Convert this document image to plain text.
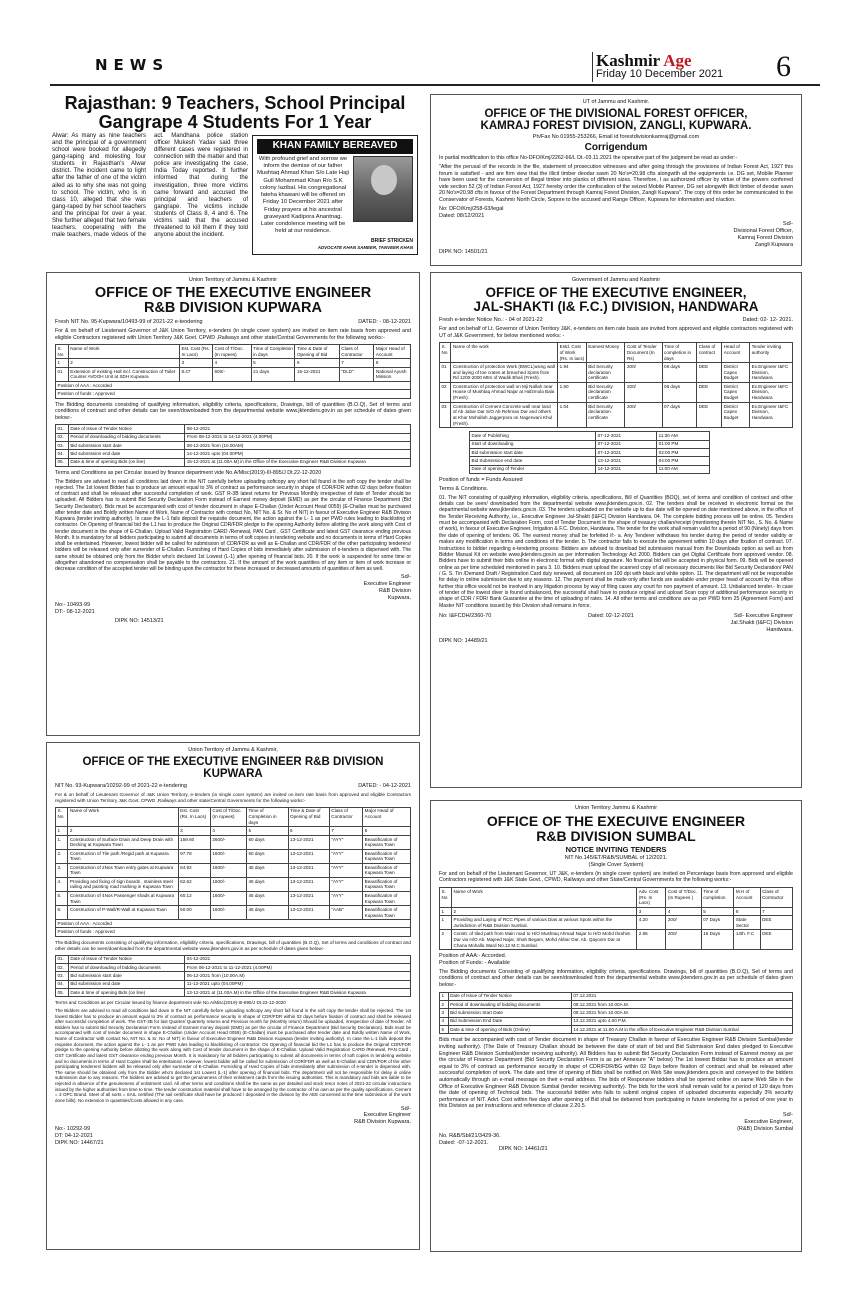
NEWS	Kashmir Age
Friday 10 December 2021 6
Rajasthan: 9 Teachers, School Principal Gangrape 4 Students For 1 Year
Alwar: As many as nine teachers and the principal of a government school were booked for allegedly gang-raping and molesting four students in Rajasthan's Alwar district. The incident came to light after the father of one of the victim ailed as to why she was not going to school. The victim, who is in class 10, alleged that she was gang-raped by her school teachers and the principal for over a year. She further alleged that two female teachers, cooperating with the male teachers, made videos of the act. Mandhana police station officer Mukesh Yadav said three different cases were registered in connection with the matter and that police are investigating the case, India Today reported. It further informed that during the investigation, three more victims came forward and accused the principal and teachers of gangrape. The victims include students of Class 8, 4 and 6. The victims said that the accused threatened to kill them if they told anyone about the incident.
KHAN FAMILY BEREAVED
With profound grief and sorrow we inform the demise of our father Mushtaq Ahmad Khan S/o Late Haji Gull Mohammad Khan R/o S.K colony Iazibal. His congregational fateha khawani will be offered on Friday 10 December 2021 after Friday prayers at his ancestral graveyard Kadipora Anantnag. Later condolence meeting will be held at our residence.
BRIEF STRICKEN
ADVOCATE KHAN SAMEER, TANVEER KHAN
UT of Jammu and Kashmir.
OFFICE OF THE DIVISIONAL FOREST OFFICER,
KAMRAJ FOREST DIVISION, ZANGLI, KUPWARA.
Ph/Fax No 01955-253266, Email id forestdivisionkamraj@gmail.com
Corrigendum
In partial modification to this office No-DFO/Kmj/2262-66/L Dt.-03.11.2021 the operative part of the judgment be read as under:-
"After the perusal of the records in the file, statement of prosecution witnesses and after going through the provisions of Indian Forest Act, 1927 this forum is satisfied - and are firm view that the illicit timber deodar sawn 20 No's=20.98 cfts alongwith all the equipments i.e. DG set, Mobile Planner have been used for the conversion of illegal timber into planks of different sizes. Therefore, I as authorized officer by virtue of the powers conferred vide section 52 (3) of Indian Forest Act, 1927 hereby order the confiscation of the seized Mobile Planner, DG set alongwith illicit timber of deodar sawn 20 No's=20.98 cfts in favour of the Forest Department through Kamraj Forest Division, Zangli Kupwara". The copy of this order be communicated to the Conservator of Forests, Kashmir North Circle, Sopore to the accused and Range Officer, Kupwara for information and n/action.
No: DFO/Kmj/258-63/legal
Dated: 08/12/2021
Sd/-
Divisional Forest Officer,
Kamraj Forest Division
Zangli Kupwara
DIPK NO: 14501/21
Union Territory of Jammu & Kashmir
OFFICE OF THE EXECUTIVE ENGINEER
R&B DIVISION KUPWARA
Fresh NIT No. 95-Kupwara/10493-99 of 2021-22 e-tendering	DATED: - 08-12-2021
For & on behalf of Lieutenant Governor of J&K Union Territory, e-tenders (in single cover system) are invited on item rate basis from approved and eligible Contractors registered with Union Territory J&K Govt. CPWD ,Railways and other state/Central Governments for the following works:-
S. No	Name of Work	Est. Cost (Rs. In Lacs)	Cost of T/Doc. (In rupees)	Time of Completion in days	Time & Date of Opening of Bid	Class of Contractor	Major Head of Account
1	2	3	4	5	6	7	8
01	Extension of existing Hall incl. Construction of Toilet Counter AVDOH Unit at SDH Kupwara	8.47	600/-	21 days	15-12-2021	"DLD"	National Ayush Mission
Position of AAA : Accorded							
Position of funds : Approved							
The Bidding documents consisting of qualifying information, eligibility criteria, specifications, Drawings, bill of quantities (B.O.Q), Set of terms and conditions of contract and other details can be seen/downloaded from the departmental website www.jktenders.gov.in as per schedule of dates given below:-
01.	Date of issue of Tender Notice	08-12-2021
02.	Period of downloading of bidding documents	From 08-12-2021 to 14-12-2021 (4.00PM)
03.	Bid submission start date	08-12-2021 from (10.00AM)
04.	Bid submission end date	14-12-2021 upto (04.00PM)
05.	Date & time of opening Bids (on line)	15-12-2021 at (11.00A.M) in the Office of the Executive Engineer R&B Division Kupwara
Terms and Conditions as per Circular issued by finance department vide No.A/Misc(2019)-III-895/J Dt.22-12-2020
The Bidders are advised to read all conditions laid down in the NIT carefully before uploading softcopy any short fall found in the soft copy the tender shall be rejected. The 1st lowest Bidder has to produce an amount equal to 3% of contract as performance security in shape of CDR/FDR within 02 days before fixation of contract and shall be released after successful completion of work. GST R-3B latest returns for Previous Monthly irrespective of date of Tender should be uploaded. All Bidders has to submit Bid Security Declaration Form instead of Earnest money deposit (EMD) as per the circular of Finance Department (Bid Security Declaration). Bids must be accompanied with cost of tender document in shape E-Challan (Under Account Head 0059) (E-Challan must be purchased after tender date and Boldly written Name of Work, Name of Contractor with contact No, NIT No. & Sr. No of NIT) in favour of Executive Engineer R&B Division Kupwara (tender inviting authority). In case the L-1 fails deposit the requisite document, the action against the L- 1 as per PWD rules leading to blacklisting of contractor. On Opening of financial bid the L1 has to produce the Original CDR/FDR pledge to the opening Authority before allotting the work along with Cost of tender document in the shape of E-Challan. Upload Valid Registration CARD /Renewal, PAN Card , GST Certificate and latest GST clearance ending previous Month. It is mandatory for all bidders participating to submit all documents in terms of soft copies in tendering website and no documents in terms of Hard Copies shall be entertained. However, lowest bidder will be called for submission of CDR/FDR as well as E-Challan and CDR/FDR of the other participating tenderers/ bidders will be released only after surrender of E-Challan. Furnishing of Hard Copies of bids immediately after submission of e-tenders is dispensed with. The same should be obtained only from the Bidder who's declared 1st Lowest (L-1) after opening of financial bids. 20. If the work is suspended for some time or altogether abandoned no compensation shall be payable to the contractors. 21. If the amount of the work quantities of any item or item of work increase or decrease condition of the accepted tender will be binding upon the contractor for these increased or decreased amounts of quantities of item as well.
Sd/-
Executive Engineer
R&B Division
Kupwara.
No:- 10493-99
DT:- 08-12-2021
DIPK NO: 14513/21
Government of Jammu and Kashmir
OFFICE OF THE EXECUTIVE ENGINEER,
JAL-SHAKTI (I& F.C.) DIVISION, HANDWARA
Fresh e-tender Notice No.: - 04 of 2021-22	Dated: 02- 12- 2021.
For and on behalf of Lt. Governor of Union Territory J&K, e-tenders on item rate basis are invited from approved and eligible contractors registered with UT of J&K Government, for below mentioned works: -
S. No	Name of the work	Estd. Cost of Work (Rs. In lacs)	Earnest Money	Cost of Tender Document (In Rs)	Time of completion in days	Class of contract	Head of Account	Tender inviting authority
01	Construction of protection Work (BWCL)using wall and laying of toe crates at breached Spots from Rd 1200-2000 Mtrs of Wadik Bhali (Fresh).	1.94	Bid Security declaration certificate	200/	06 days	DEE	District Capex Budget	Ex.Engineer I&FC Division, Handwara
02	Construction of protection wall on Mji Nallah near House of Mushtaq Ahmad Najar at Hafzmula Bala (Fresh).	1.50	Bid Security declaration certificate	200/	06 days	DEE	District Capex Budget	Ex.Engineer I&FC Division, Handwara
03	Construction of Cement Concrete wall near land of Ab Jabar Dar S/O Ab Rehman Dar and others at Khar Mohallah Jaggerpora on Nagerwani Khul (Fresh).	1.04	Bid Security declaration certificate	200/	07 days	DEE	District Capex Budget	Ex.Engineer I&FC Division, Handwara
Date of Publishing	07-12-2021	11:30 AM
Start of downloading	07-12-2021	01:00 PM
Bid submission start date	07-12-2021	02:00 PM
Bid Submission end date	13-12-2021	04:00 PM
Date of opening of Tender	14-12-2021	11:00 AM
Position of funds = Funds Assured
Terms & Conditions.
01. The NIT consisting of qualifying information, eligibility criteria, specifications, Bill of Quantities (BOQ), set of terms and condition of contract and other details can be seen/ downloaded from the departmental website www.jktenders.gov.in. 02. The tenders shall be received in electronic format on the departmental website www.jktenders.gov.in. 03. The tenders uploaded on the website up to due date will be opened on date mentioned above, in the office of the Tender Receiving Authority, i.e., Executive Engineer Jal-Shakti (I&FC) Division Handwara. 04. The complete bidding process will be online. 05. Tenders must be accompanied with Declaration Form, cost of Tender Document in the shape of treasury challan/receipt (mentioning therein NIT No., S. No. & Name of work), in favour of Executive Engineer, Irrigation & F.C. Division, Handwara. The tender for the work shall remain valid for a period of 90 (Ninety) days from the date of opening of tenders. 06. The earnest money shall be forfeited if:- a. Any Tenderer withdraws his tender during the period of tender validity or makes any modification in terms and conditions of the tender. b. The contractor fails to execute the agreement within 10 days after fixation of contract. 07. Instructions to bidder regarding e-tendering process: Bidders are advised to download bid submission manual from the Downloads option as well as from Bidder Manual Kit on website www.jktenders.gov.in as per information Technology Act 2000. Bidders can get Digital Certificate from approved vendor. 08. Bidders have to submit their bids online in electronic format with digital signature. No financial bid will be accepted in physical form. 09. Bids will be opened online as per time scheduled mentioned in para 3. 10. Bidders must upload the scanned copy of all necessary documents like Bid Security Declaration/ PAN / G. S. Tin /Demand Draft / Registration Card duly renewed, all document on 100 dpi with black and white option. 11. The department will not be responsible for delay in online submission due to any reasons. 12. The payment shall be made only after funds are available under proper head of account by this office further this office would not be involved in any litigation process by way of filing cases any court for non payment of amount. 13. Unbalanced tender.- In case of tender of the lowest diver is found unbalanced, the successful shall have to produce original and upload Scan copy of additional performance security in shape of CDR / FDR/ Bank Guarantee at the time of uploading of rates. 14. All other terms and conditions are as per PWD form 25 (Agreement Form) and Master NIT conditions issued by this Division shall remains in force.
No: I&FCDH/2360-70	Dated: 02-12-2021	Sd/- Executive Engineer
Jal.Shakti (I&FC) Division
Handwara.
DIPK NO: 14489/21
Union Territory of Jammu & Kashmir,
OFFICE OF THE EXECUTIVE ENGINEER R&B DIVISION KUPWARA
NIT No. 93-Kupwara/10292-99 of 2021-22 e-tendering	DATED: - 04-12-2021
For & on behalf of Lieutenant Governor of J&K Union Territory, e-tenders (in single cover system) are invited on item rate basis from approved and eligible Contractors registered with Union Territory J&K Govt. CPWD ,Railways and other state/Central Governments for the following works:-
S. No	Name of Work	Est. Cost (Rs. In Lacs)	Cost of T/Doc. (In rupees)	Time of Completion in days	Time & Date of Opening of Bid	Class of Contractor	Major Head of Account
1	2	3	4	5	6	7	8
1.	Construction of Surface Drain and Deep Drain with Decking at Kupwara Town	159.60	2600/-	60 days	13-12-2021	"AYY"	Beautification of Kupwara Town
2.	Construction of Tile path /Regid path at Kupwara Town	97.78	1600/-	60 days	13-12-2021	"AYY"	Beautification of Kupwara Town
3.	Construction of 2Nos Town entry gates at Kupwara Town	64.92	1600/-	45 days	13-12-2021	"AYY"	Beautification of Kupwara Town
4.	Providing and fixing of sign boards , stainless steel railing and painting road marking in Kupwara Town	62.62	1600/-	45 days	13-12-2021	"AYY"	Beautification of Kupwara Town
5.	Construction of 4Nos Passenger shads at Kupwara Town	60.12	1600/-	45 days	13-12-2021	"AYY"	Beautification of Kupwara Town
6.	Construction of P-Wall/R-Wall at Kupwara Town	50.00	1600/-	45 days	13-12-2021	"AAB"	Beautification of Kupwara Town
Position of AAA : Accorded							
Position of funds : Approved							
The Bidding documents consisting of qualifying information, eligibility criteria, specifications, Drawings, bill of quantities (B.O.Q), Set of terms and conditions of contract and other details can be seen/downloaded from the departmental website www.jktenders.gov.in as per schedule of dates given below:-
01.	Date of issue of Tender Notice	04-12-2021
02.	Period of downloading of bidding documents	From 06-12-2021 to 11-12-2021 (4.00PM)
03.	Bid submission start date	06-12-2021 from (10.00A.M)
04.	Bid submission end date	11-12-2021 upto (04.00PM)
05.	Date & time of opening Bids (on line)	13-12-2021 at (11.00A.M) in the Office of the Executive Engineer R&B Division Kupwara
Terms and Conditions as per Circular issued by finance department vide No.A/Misc(2019)-III-895/J Dt.22-12-2020
The Bidders are advised to read all conditions laid down in the NIT carefully before uploading softcopy any short fall found in the soft copy the tender shall be rejected. The 1st lowest Bidder has to produce an amount equal to 3% of contract as performance security in shape of CDR/FDR within 02 days before fixation of contract and shall be released after successful completion of work. The GST-3B for last Quarter/ Quarterly returns and Previous month for (Monthly return) Should be uploaded, irrespective of date of Tender. All Bidders has to submit Bid Security Declaration Form instead of Earnest money deposit (EMD) as per the circular of Finance Department (Bid Security Declaration). Bids must be accompanied with cost of tender document in shape E-Challan (Under Account Head 0059) (E-Challan) must be purchased after tender date and Boldly written Name of Work, Name of Contractor with contact No, NIT No. & Sr. No of NIT) in favour of Executive Engineer R&B Division Kupwara (tender inviting authority). In case the L-1 fails deposit the requisite document, the action against the L- 1 as per PWD rules leading to blacklisting of contractor. On Opening of financial bid the L1 has to produce the Original CDR/FDR pledge to the opening Authority before allotting the work along with Cost of tender document in the shape of E-Challan. Upload Valid Registration CARD /Renewal, PAN Card , GST Certificate and latest GST clearance ending previous Month. It is mandatory for all bidders participating to submit all documents in terms of soft copies in tendering website and no documents in terms of Hard Copies shall be entertained. However, lowest bidder will be called for submission of CDR/FDR as well as E-Challan and CDR/FDR of the other participating tenderers/ bidders will be released only after surrender of E-Challan. Furnishing of Hard Copies of bids immediately after submission of e-tender is dispensed with. The same should be obtained only from the Bidder who's declared 1st Lowest (L-1) after opening of financial bids. The department will not be responsible for delay in online submission due to any reasons. The bidders are advised to get the genuineness of their enlistment cards from the issuing authorities. This is mandatory and bids are liable to be rejected in absence of the genuineness of enlistment card. All other terms and conditions shall be the same as per detailed and stock tenor notes of 2021-22 circular instructions issued by the higher authorities from time to time. The tender construction material shall have to be arranged by the contractor of his own as per the quality specifications. Cement = 3 OPC Brand. Steel of all sorts = SAIL certified (The sail certificate shall have be produced / deposited in the division by the AEE concerned at the time submission of the work done bills). No extension in quantities/Costs allowed in any case.
Sd/-
Executive Engineer
R&B Division Kupwara.
No:- 10292-99
DT: 04-12-2021
DIPK NO: 14467/21
Union Territory Jammu & Kashmir
OFFICE OF THE EXECUIVE ENGINEER
R&B DIVISION SUMBAL
NOTICE INVITING TENDERS
NIT No.145/ET/R&B/SUMBAL of 12/2021.
(Single Cover System)
For and on behalf of the Lieutenant Governor, UT J&K, e-tenders (in single cover system) are invited on Percentage basis from approved and eligible Contractors registered with J&K State Govt., CPWD, Railways and other State/Central Governments for the following works:-
S. No	Name of Work	Adv. Cost (Rs. In Lacs)	Cost of T/Doc. (In Rupees )	Time of completion	M.H of Account	Class of Contractor
1	2	3	4	5	6	7
1	Providing and Laying of RCC Pipes of various Dias at various Spots within the Jurisdiction of R&B Division Sumbal.	4.20	200/	07 Days	State Sector	DEE
2	Constt. of tiled path from Main road to H/O Mushtaq Ahmad Najar to H/O Mohd Ibrahim Dar via H/O Ab. Majeed Najar, Shah Begam, Mohd Akbar Dar, Ab. Qayoom Dar at Chana Mohalla Ward No.12 M.C Sumbal.	2.65	200/	15 Days	14th. F.C	DEE
Position of AAA:- Accorded.
Position of Funds: - Available
The Bidding documents Consisting of qualifying information, eligibility criteria, specifications. Drawings, bill of quantities (B.O.Q), Set of terms and conditions of contract and other details can be seen/downloaded from the departmental website www.jktenders.gov.in as per schedule of dates given below:-
1	Date of Issue of Tender Notice	07.12.2021
2	Period of downloading of bidding documents	08.12.2021 from 10.00A.M.
3	Bid submission Start Date	08.12.2021 from 10.00A.M.
4	Bid Submission End Date	13.12.2021 upto 4.00 P.M.
5	Date & time of opening of Bids (Online)	14.12.2021 at 11.00 A.M in the office of Executive Engineer R&B Division Sumbal
Bids must be accompanied with cost of Tender document in shape of Treasury Challan in favour of Executive Engineer R&B Division Sumbal(tender inviting authority). (The Date of Treasury Challan should be between the date of start of bid and Bid Submission End dates pledged to Executive Engineer R&B Division Sumbal(tender receiving authority). All Bidders has to submit Bid Security Declaration Form instead of Earnest money as per the circular of Finance Department (Bid Security Declaration Form is as per Annexure "A" below) The 1st lowest Biddar has to produce an amount equal to 3% of contract as performance security in shape of CDR/FDR/BG within 02 Days before fixation of contract and shall be released after successful completion of work. The date and time of opening of Bids shall be notified on Web Site www.jktenders.gov.in and conveyed to the bidders automatically through an e-mail message on their e-mail address. The bids of Responsive bidders shall be opened online on same Web Site in the Office of Executive Engineer R&B Division Sumbal (tender receiving authority). The bids for the work shall remain valid for a period of 120 days from the date of opening of Technical bids. The successful bidder who fails to submit original copies of uploaded documents especially 3% security performance of NIT. Advt. Cost within five days after opening of Bid shall be debarred from participating in future tendering for a period of one year in this Division as per instructions and reference of clause 2.20.5.
Sd/-
Executive Engineer,
(R&B) Division Sumbal
No. R&B/Sbl/21/3429-36.
Dated: -07-12-2021.
DIPK NO: 14461/21
